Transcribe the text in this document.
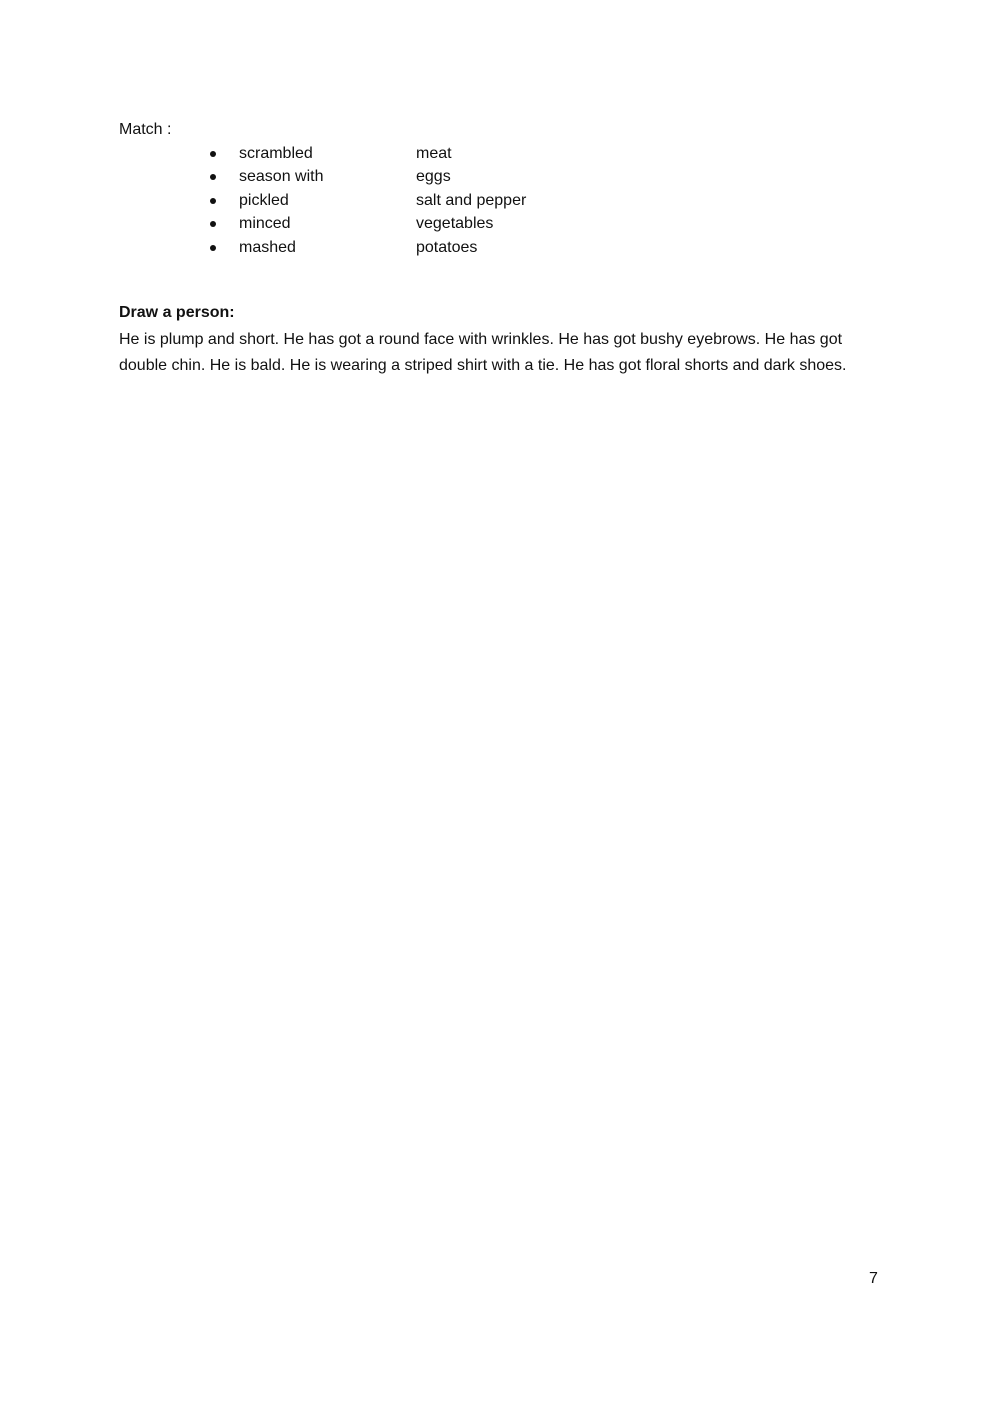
Match :
scrambled	meat
season with	eggs
pickled	salt and pepper
minced	vegetables
mashed	potatoes
Draw a person:

He is plump and short. He has got a round face with wrinkles. He has got bushy eyebrows. He has got double chin. He is bald. He is wearing a striped shirt with a tie. He has got floral shorts and dark shoes.

7
